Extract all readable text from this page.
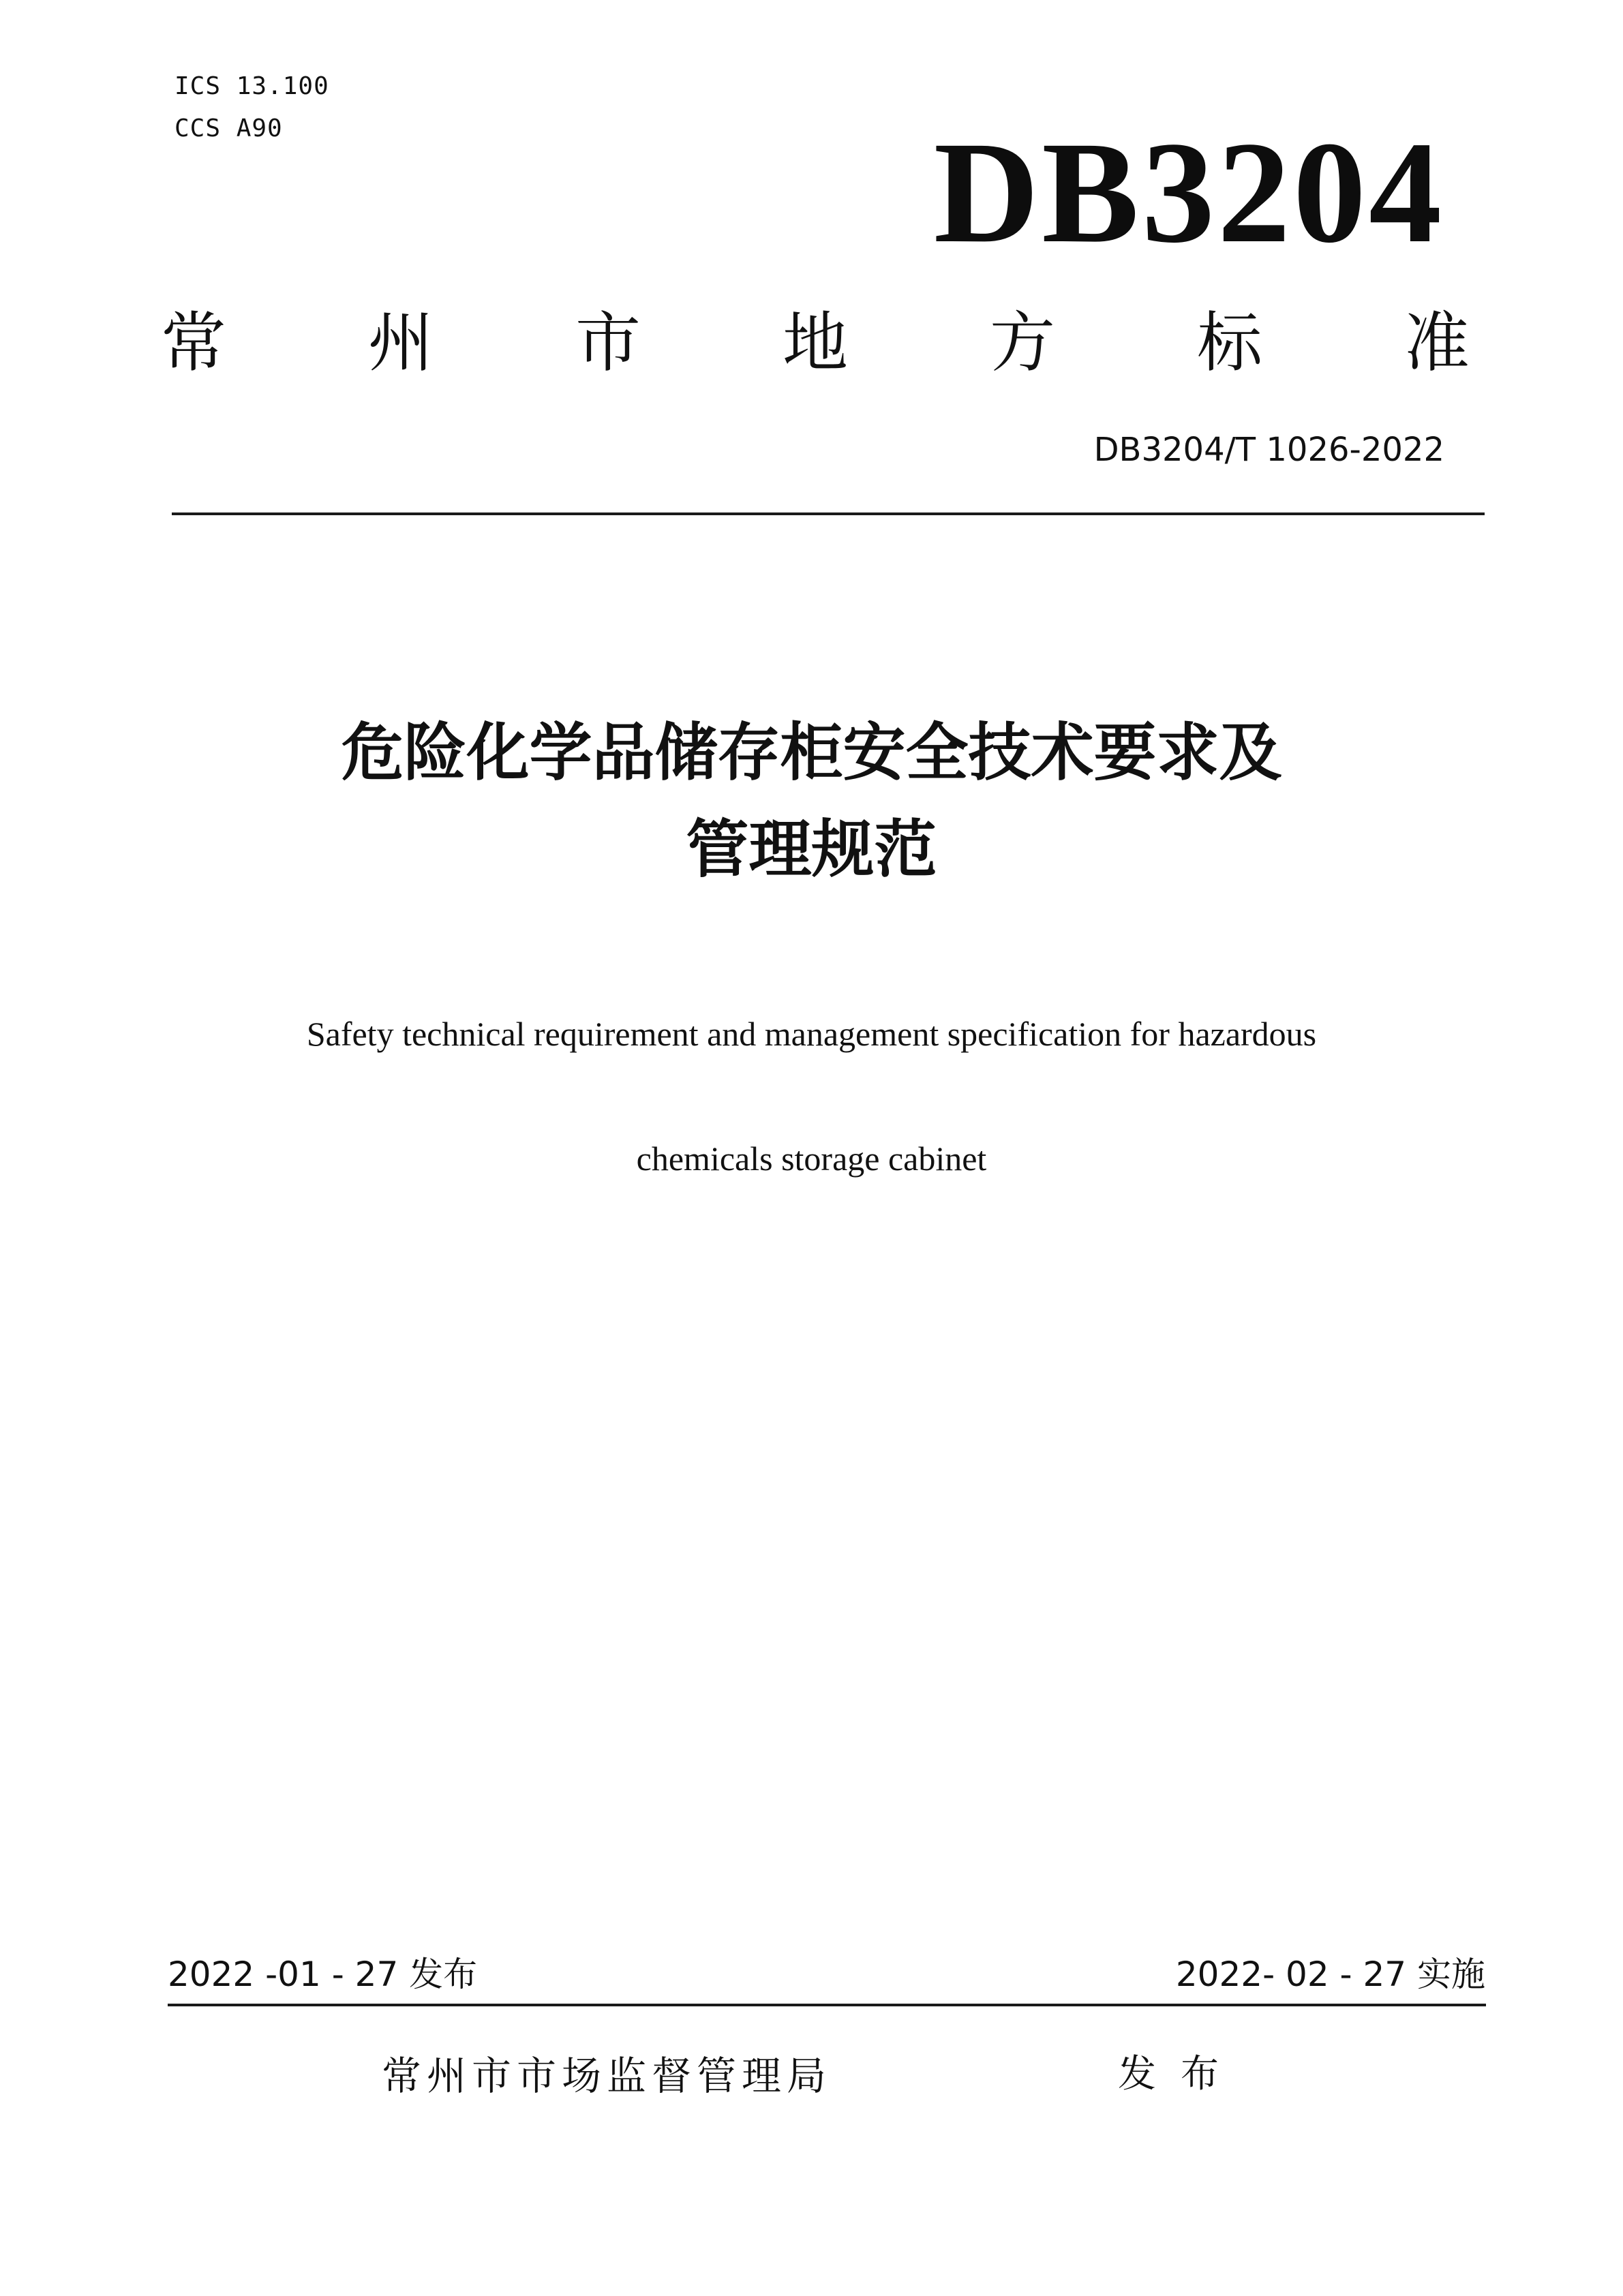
ICS 13.100
CCS A90	DB3204
常 州 市 地 方 标 准
DB3204/T 1026-2022
危险化学品储存柜安全技术要求及
管理规范
Safety technical requirement and management specification for hazardous
chemicals storage cabinet
2022 -01 - 27 发布	2022- 02 - 27 实施
常州市市场监督管理局	发布
